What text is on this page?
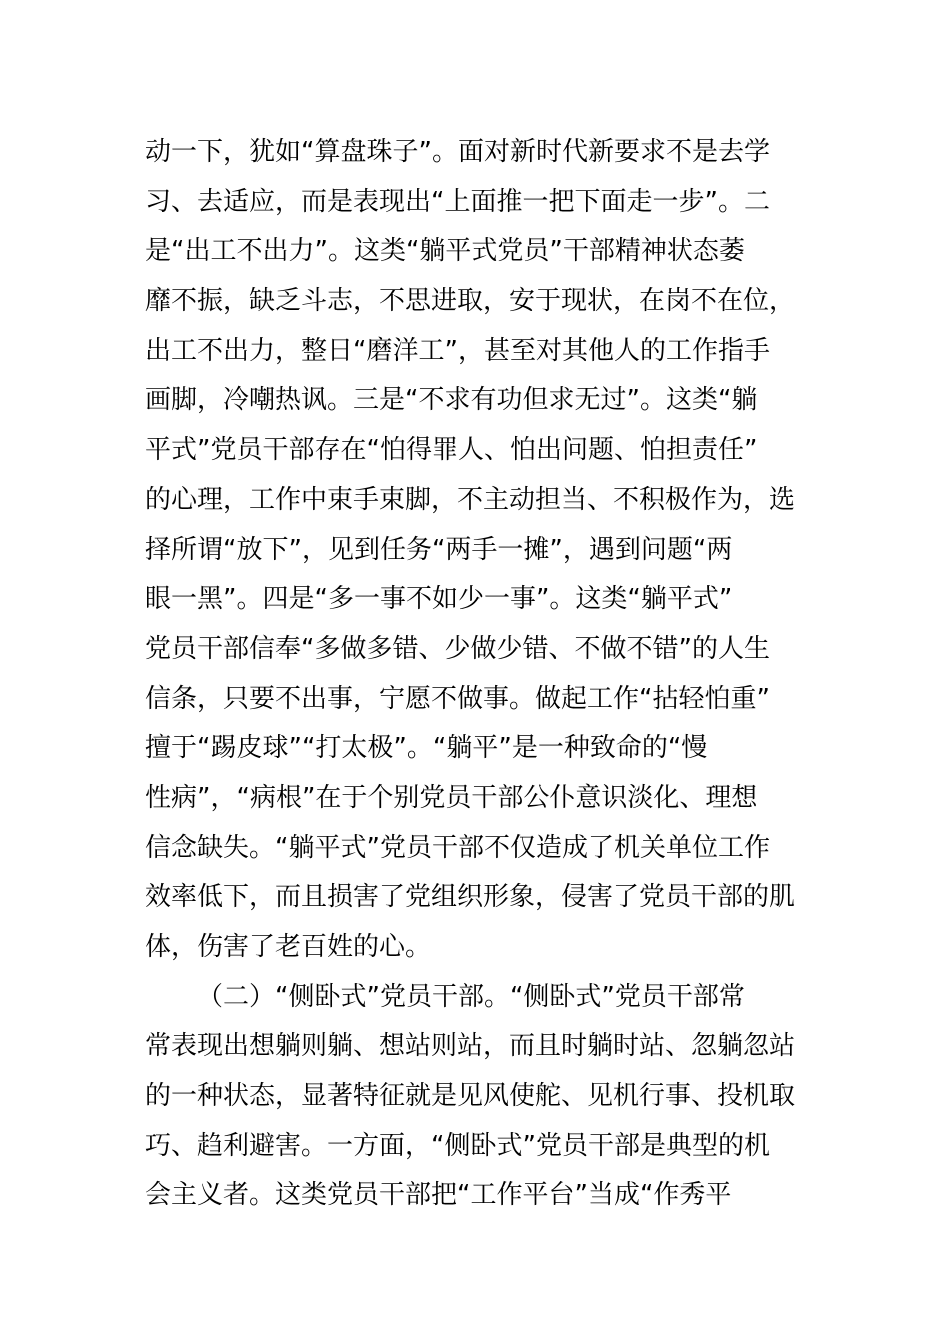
动一下，犹如“算盘珠子”。面对新时代新要求不是去学
习、去适应，而是表现出“上面推一把下面走一步”。二
是“出工不出力”。这类“躺平式党员”干部精神状态萎
靡不振，缺乏斗志，不思进取，安于现状，在岗不在位，
出工不出力，整日“磨洋工”，甚至对其他人的工作指手
画脚，冷嘲热讽。三是“不求有功但求无过”。这类“躺
平式”党员干部存在“怕得罪人、怕出问题、怕担责任”
的心理，工作中束手束脚，不主动担当、不积极作为，选
择所谓“放下”，见到任务“两手一摊”，遇到问题“两
眼一黑”。四是“多一事不如少一事”。这类“躺平式”
党员干部信奉“多做多错、少做少错、不做不错”的人生
信条，只要不出事，宁愿不做事。做起工作“拈轻怕重”
擅于“踢皮球”“打太极”。“躺平”是一种致命的“慢
性病”，“病根”在于个别党员干部公仆意识淡化、理想
信念缺失。“躺平式”党员干部不仅造成了机关单位工作
效率低下，而且损害了党组织形象，侵害了党员干部的肌
体，伤害了老百姓的心。
（二）“侧卧式”党员干部。“侧卧式”党员干部常
常表现出想躺则躺、想站则站，而且时躺时站、忽躺忽站
的一种状态，显著特征就是见风使舵、见机行事、投机取
巧、趋利避害。一方面，“侧卧式”党员干部是典型的机
会主义者。这类党员干部把“工作平台”当成“作秀平
